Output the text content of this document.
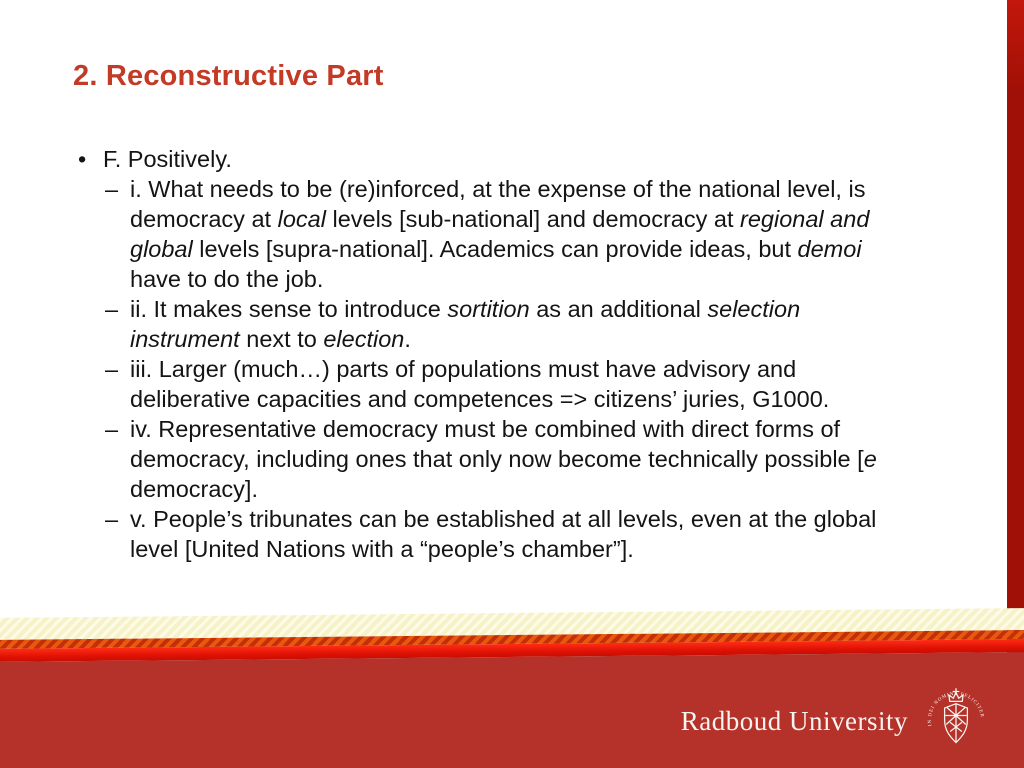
2. Reconstructive Part
• F. Positively.
– i. What needs to be (re)inforced, at the expense of the national level, is
democracy at local levels [sub-national] and democracy at regional and
global levels [supra-national]. Academics can provide ideas, but demoi
have to do the job.
– ii. It makes sense to introduce sortition as an additional selection
instrument next to election.
– iii. Larger (much…) parts of populations must have advisory and
deliberative capacities and competences => citizens’ juries, G1000.
– iv. Representative democracy must be combined with direct forms of
democracy, including ones that only now become technically possible [e
democracy].
– v. People’s tribunates can be established at all levels, even at the global
level [United Nations with a “people’s chamber”].
Radboud University	IN DEI NOMINE FELICITER
